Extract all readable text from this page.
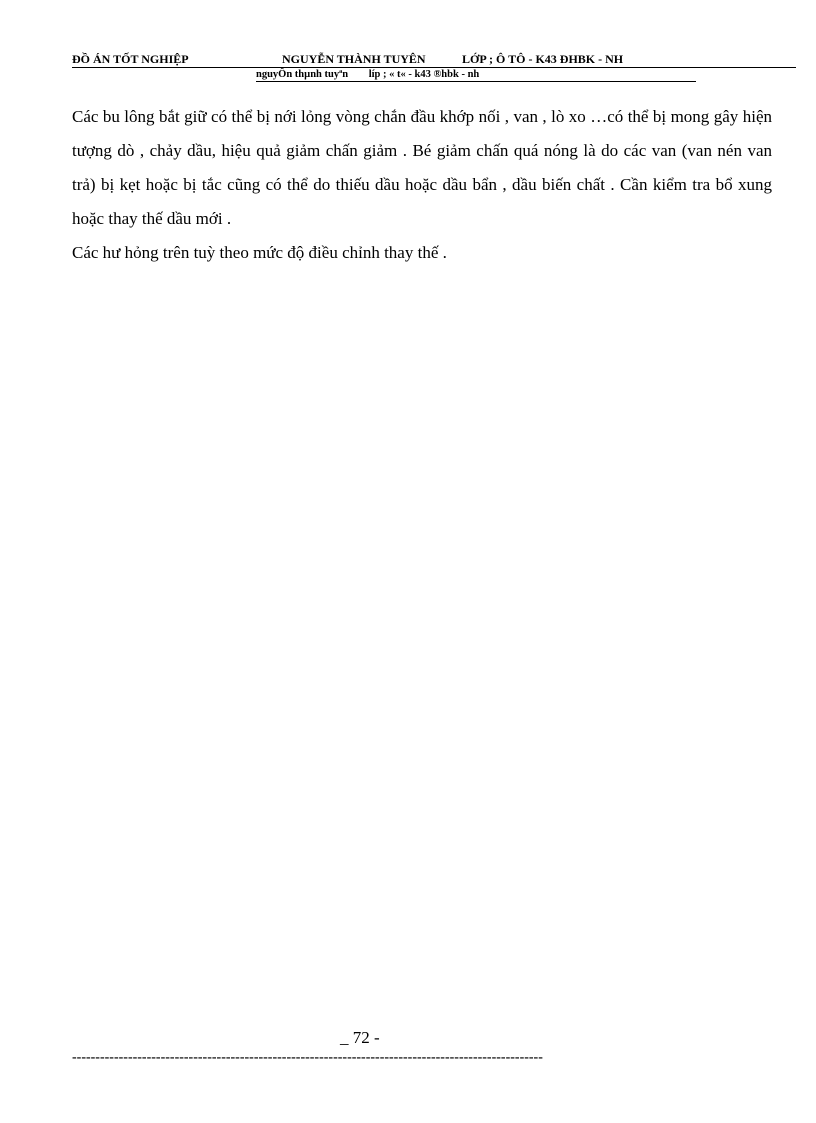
ĐỒ ÁN TỐT NGHIỆP	NGUYỄN THÀNH TUYÊN	LỚP ; Ô TÔ - K43 ĐHBK - NH
nguyÔn thµnh tuyªn líp ; « t« - k43 ®hbk - nh

Các bu lông bắt giữ có thể bị nới lỏng vòng chắn đầu khớp nối , van , lò xo …có thể bị mong gây hiện tượng dò , chảy dầu, hiệu quả giảm chấn giảm . Bé giảm chấn quá nóng là do các van (van nén van trả) bị kẹt hoặc bị tắc cũng có thể do thiếu dầu hoặc dầu bẩn , dầu biến chất . Cần kiểm tra bổ xung hoặc thay thế dầu mới .

Các hư hỏng trên tuỳ theo mức độ điều chỉnh thay thế .

_ 72 -
-----------------------------------------------------------------------------------------------------
